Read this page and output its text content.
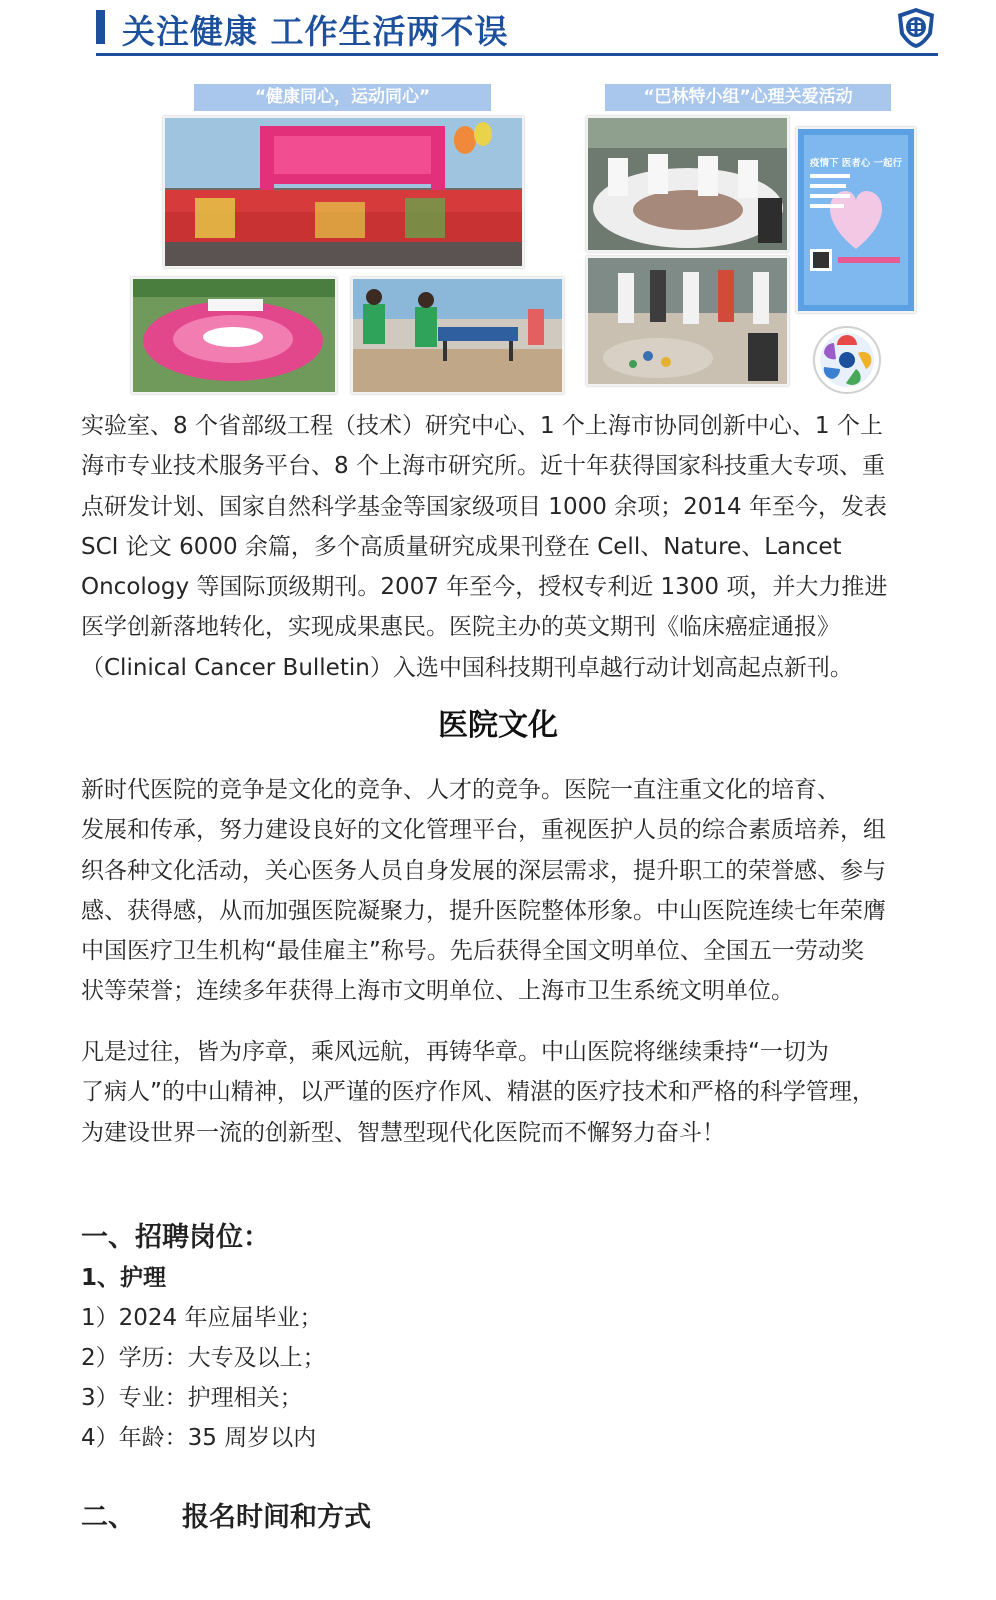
关注健康 工作生活两不误
“健康同心，运动同心”	“巴林特小组”心理关爱活动
疫情下 医者心 一起行
实验室、8 个省部级工程（技术）研究中心、1 个上海市协同创新中心、1 个上
海市专业技术服务平台、8 个上海市研究所。近十年获得国家科技重大专项、重
点研发计划、国家自然科学基金等国家级项目 1000 余项；2014 年至今，发表
SCI 论文 6000 余篇，多个高质量研究成果刊登在 Cell、Nature、Lancet
Oncology 等国际顶级期刊。2007 年至今，授权专利近 1300 项，并大力推进
医学创新落地转化，实现成果惠民。医院主办的英文期刊《临床癌症通报》
（Clinical Cancer Bulletin）入选中国科技期刊卓越行动计划高起点新刊。
医院文化
新时代医院的竞争是文化的竞争、人才的竞争。医院一直注重文化的培育、
发展和传承，努力建设良好的文化管理平台，重视医护人员的综合素质培养，组
织各种文化活动，关心医务人员自身发展的深层需求，提升职工的荣誉感、参与
感、获得感，从而加强医院凝聚力，提升医院整体形象。中山医院连续七年荣膺
中国医疗卫生机构“最佳雇主”称号。先后获得全国文明单位、全国五一劳动奖
状等荣誉；连续多年获得上海市文明单位、上海市卫生系统文明单位。
凡是过往，皆为序章，乘风远航，再铸华章。中山医院将继续秉持“一切为
了病人”的中山精神，以严谨的医疗作风、精湛的医疗技术和严格的科学管理，
为建设世界一流的创新型、智慧型现代化医院而不懈努力奋斗！
一、招聘岗位：
1、护理
1）2024 年应届毕业；
2）学历：大专及以上；
3）专业：护理相关；
4）年龄：35 周岁以内
二、     报名时间和方式
